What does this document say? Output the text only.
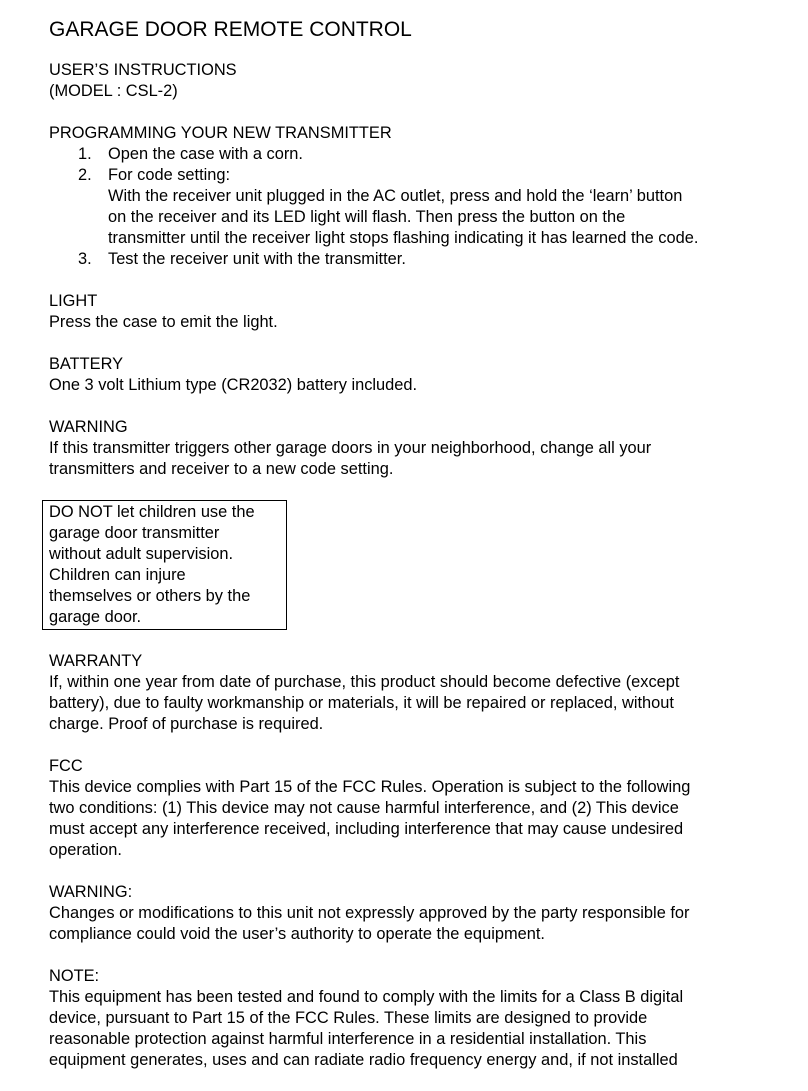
GARAGE DOOR REMOTE CONTROL
USER’S INSTRUCTIONS
(MODEL : CSL-2)
PROGRAMMING YOUR NEW TRANSMITTER
1. Open the case with a corn.
2. For code setting:
With the receiver unit plugged in the AC outlet, press and hold the ‘learn’ button
on the receiver and its LED light will flash. Then press the button on the
transmitter until the receiver light stops flashing indicating it has learned the code.
3. Test the receiver unit with the transmitter.
LIGHT
Press the case to emit the light.
BATTERY
One 3 volt Lithium type (CR2032) battery included.
WARNING
If this transmitter triggers other garage doors in your neighborhood, change all your
transmitters and receiver to a new code setting.
DO NOT let children use the
garage door transmitter
without adult supervision.
Children can injure
themselves or others by the
garage door.
WARRANTY
If, within one year from date of purchase, this product should become defective (except
battery), due to faulty workmanship or materials, it will be repaired or replaced, without
charge. Proof of purchase is required.
FCC
This device complies with Part 15 of the FCC Rules. Operation is subject to the following
two conditions: (1) This device may not cause harmful interference, and (2) This device
must accept any interference received, including interference that may cause undesired
operation.
WARNING:
Changes or modifications to this unit not expressly approved by the party responsible for
compliance could void the user’s authority to operate the equipment.
NOTE:
This equipment has been tested and found to comply with the limits for a Class B digital
device, pursuant to Part 15 of the FCC Rules. These limits are designed to provide
reasonable protection against harmful interference in a residential installation. This
equipment generates, uses and can radiate radio frequency energy and, if not installed
